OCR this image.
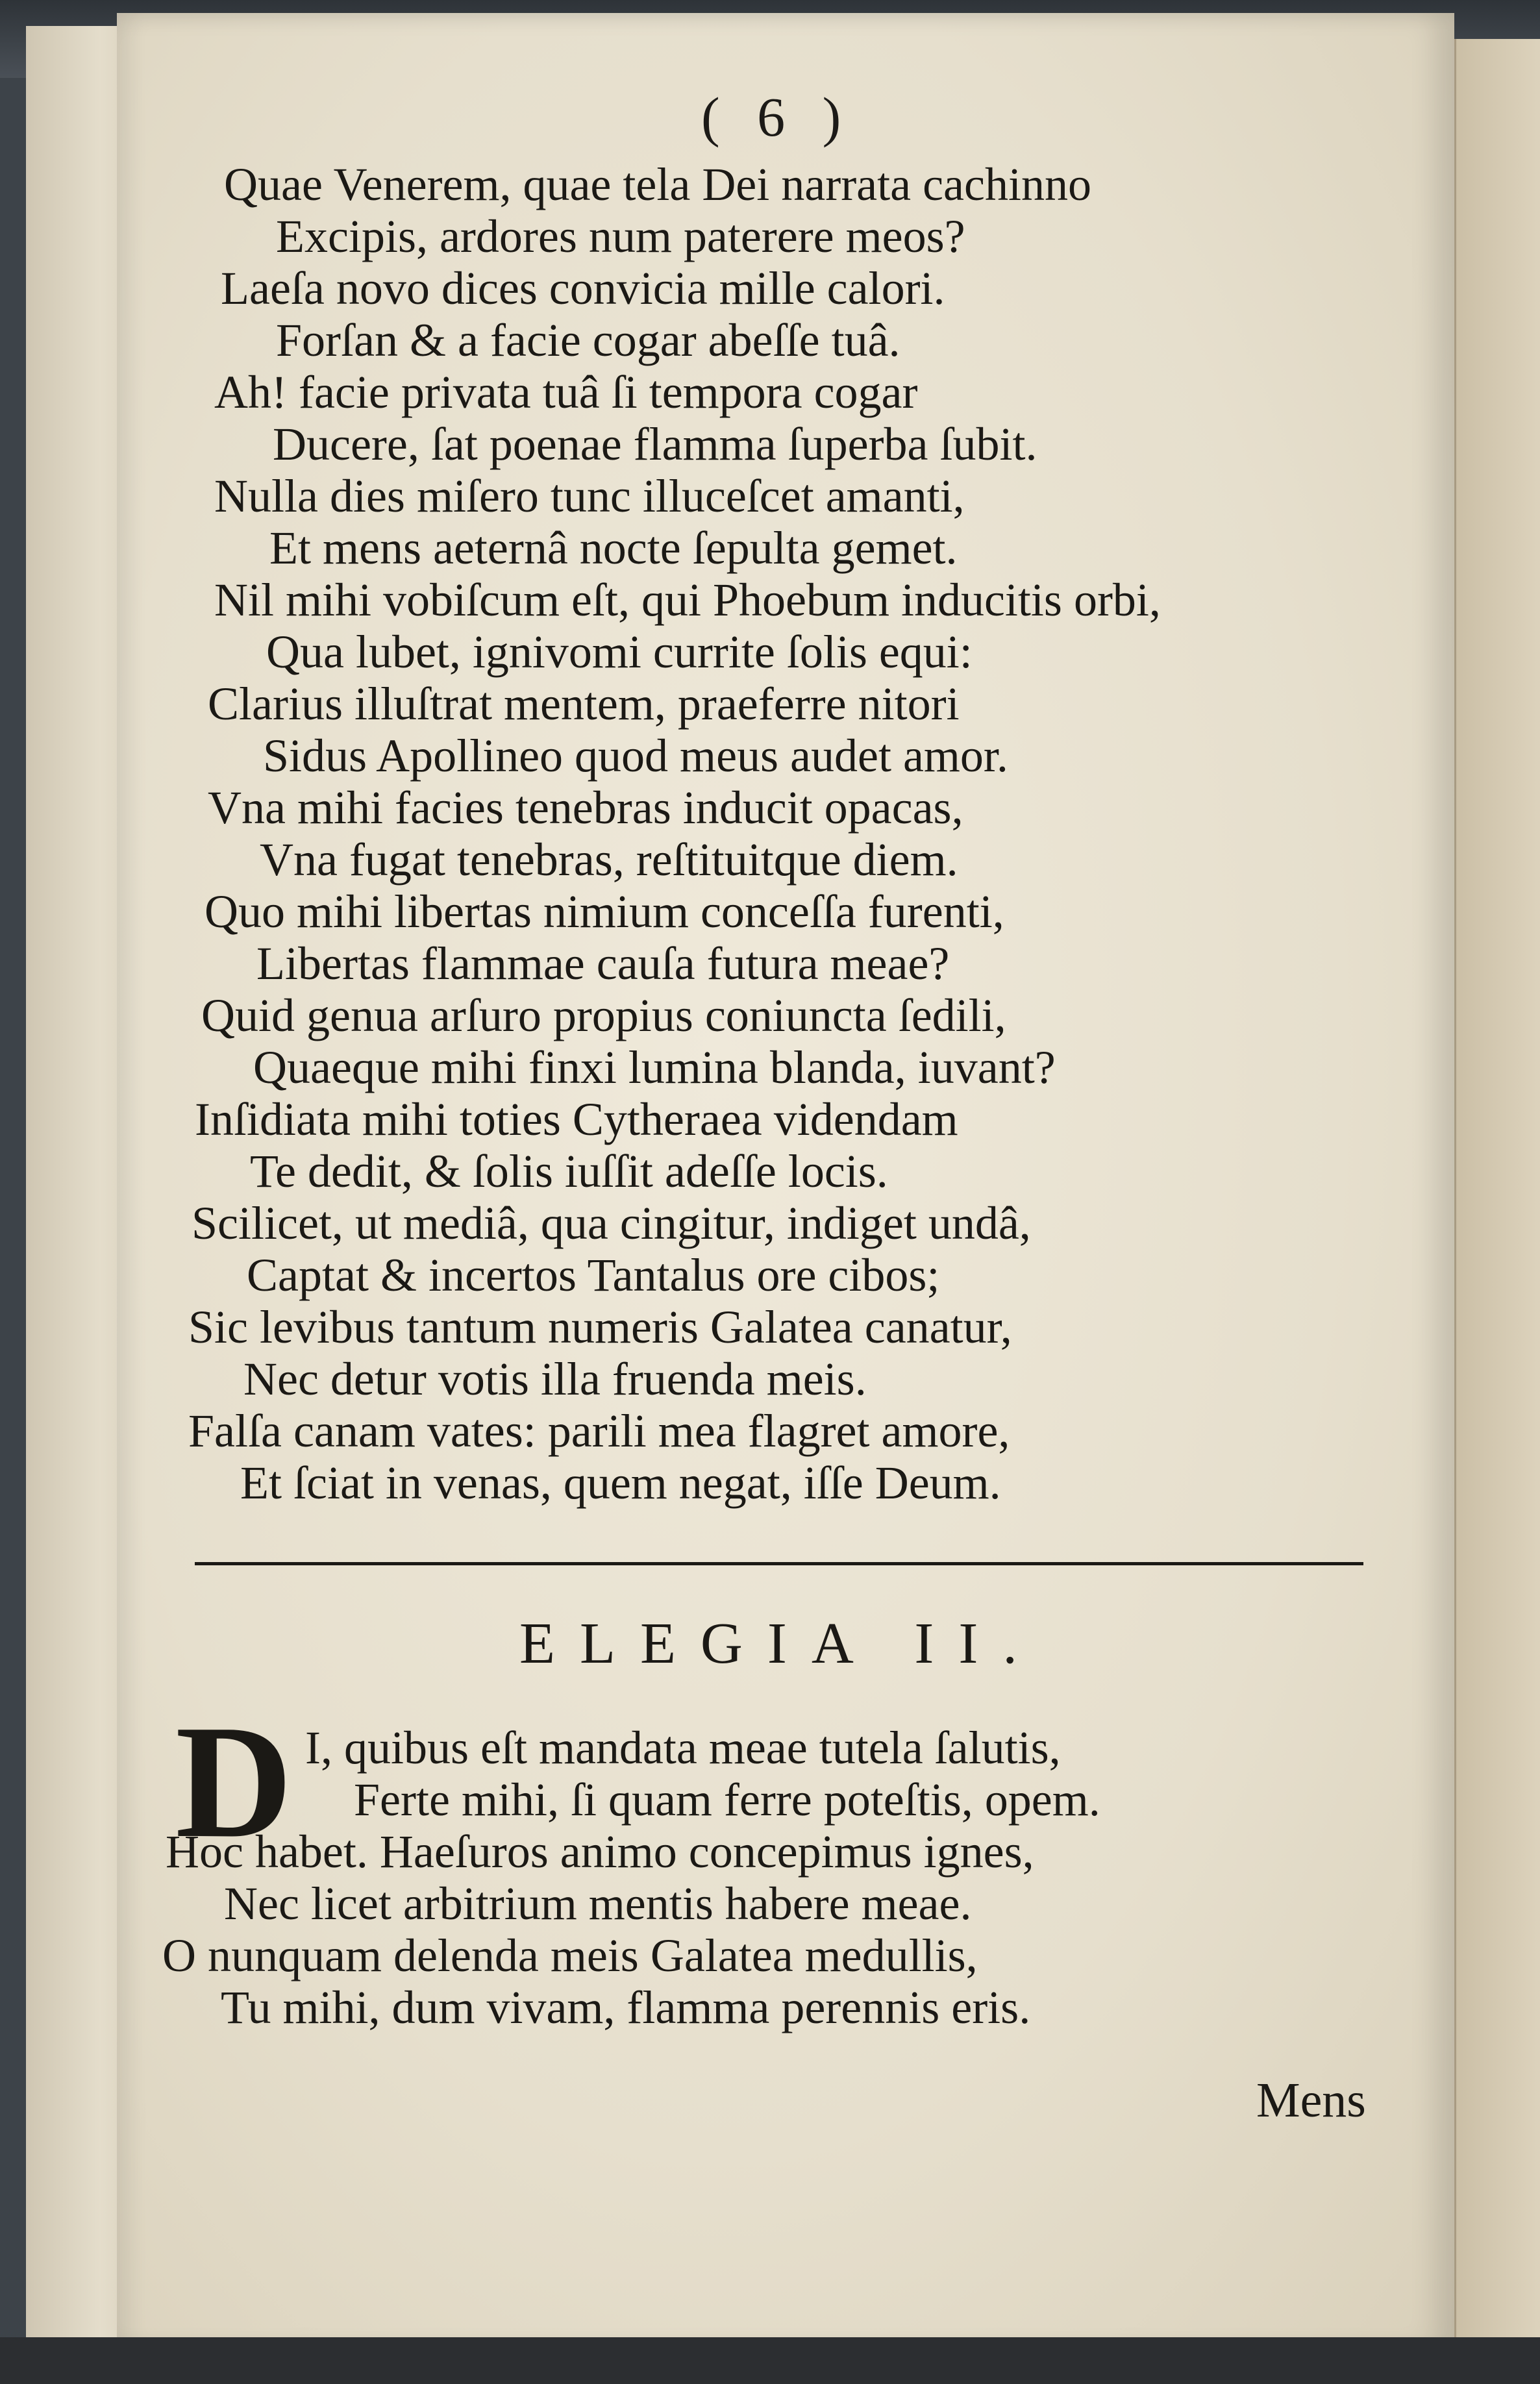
( 6 )

Quae Venerem, quae tela Dei narrata cachinno

Excipis, ardores num paterere meos?

Laeſa novo dices convicia mille calori.

Forſan & a facie cogar abeſſe tuâ.

Ah! facie privata tuâ ſi tempora cogar

Ducere, ſat poenae flamma ſuperba ſubit.

Nulla dies miſero tunc illuceſcet amanti,

Et mens aeternâ nocte ſepulta gemet.

Nil mihi vobiſcum eſt, qui Phoebum inducitis orbi,

Qua lubet, ignivomi currite ſolis equi:

Clarius illuſtrat mentem, praeferre nitori

Sidus Apollineo quod meus audet amor.

Vna mihi facies tenebras inducit opacas,

Vna fugat tenebras, reſtituitque diem.

Quo mihi libertas nimium conceſſa furenti,

Libertas flammae cauſa futura meae?

Quid genua arſuro propius coniuncta ſedili,

Quaeque mihi finxi lumina blanda, iuvant?

Inſidiata mihi toties Cytheraea videndam

Te dedit, & ſolis iuſſit adeſſe locis.

Scilicet, ut mediâ, qua cingitur, indiget undâ,

Captat & incertos Tantalus ore cibos;

Sic levibus tantum numeris Galatea canatur,

Nec detur votis illa fruenda meis.

Falſa canam vates: parili mea flagret amore,

Et ſciat in venas, quem negat, iſſe Deum.

ELEGIA II.
D I, quibus eſt mandata meae tutela ſalutis,

Ferte mihi, ſi quam ferre poteſtis, opem.

Hoc habet. Haeſuros animo concepimus ignes,

Nec licet arbitrium mentis habere meae.

O nunquam delenda meis Galatea medullis,

Tu mihi, dum vivam, flamma perennis eris.

Mens
